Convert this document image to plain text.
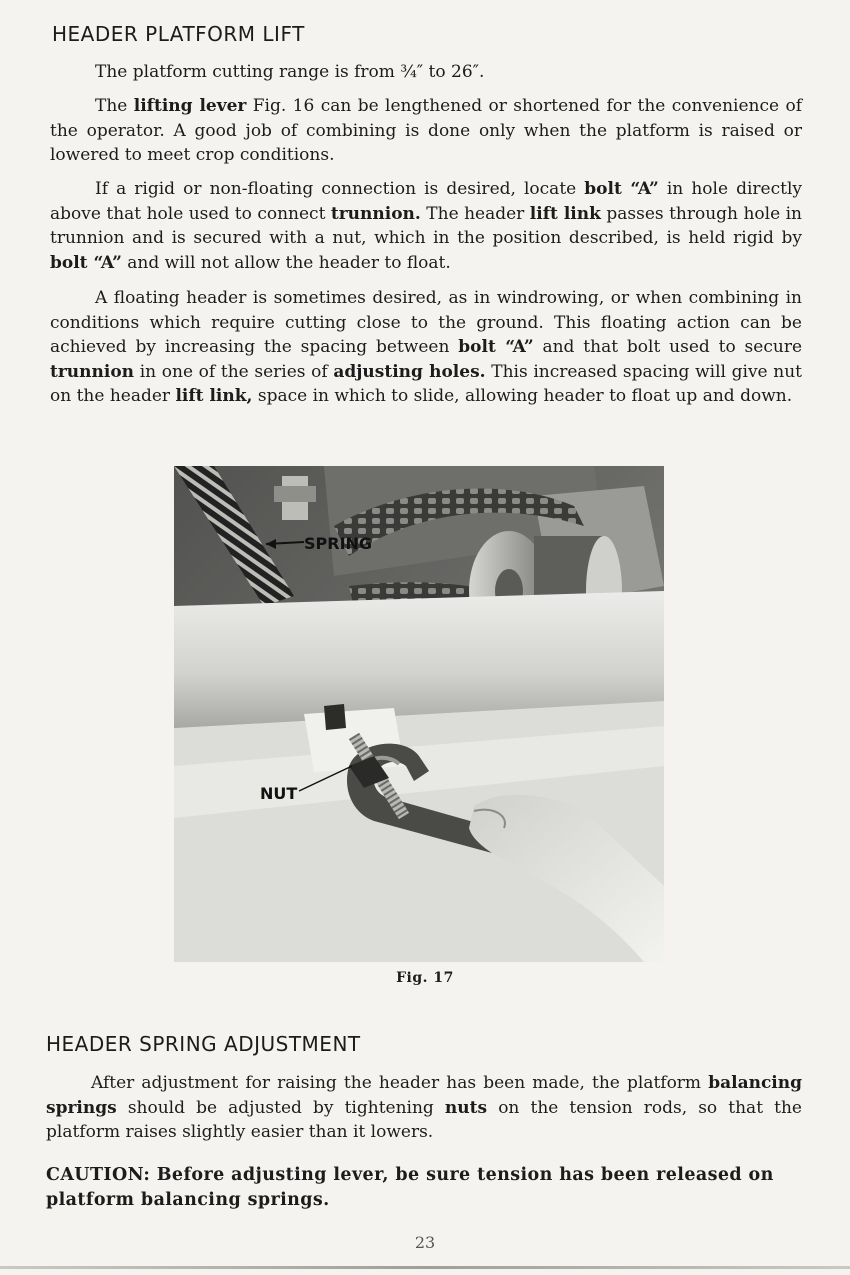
HEADER PLATFORM LIFT

The platform cutting range is from ¾″ to 26″.

The lifting lever Fig. 16 can be lengthened or shortened for the convenience of the operator. A good job of combining is done only when the platform is raised or lowered to meet crop conditions.

If a rigid or non-floating connection is desired, locate bolt “A” in hole directly above that hole used to connect trunnion. The header lift link passes through hole in trunnion and is secured with a nut, which in the position described, is held rigid by bolt “A” and will not allow the header to float.

A floating header is sometimes desired, as in windrowing, or when combining in conditions which require cutting close to the ground. This floating action can be achieved by increasing the spacing between bolt “A” and that bolt used to secure trunnion in one of the series of adjusting holes. This increased spacing will give nut on the header lift link, space in which to slide, allowing header to float up and down.

SPRING
NUT
Fig. 17
HEADER SPRING ADJUSTMENT

After adjustment for raising the header has been made, the platform balancing springs should be adjusted by tightening nuts on the tension rods, so that the platform raises slightly easier than it lowers.

CAUTION: Before adjusting lever, be sure tension has been released on platform balancing springs.

23
